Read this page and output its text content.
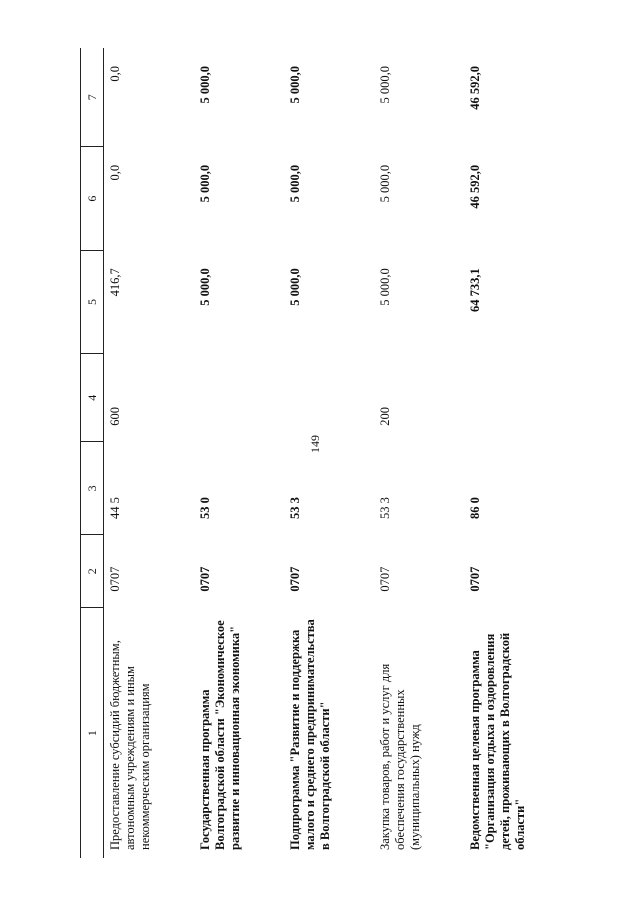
149
1	2	3	4	5	6	7
Предоставление субсидий бюджетным, автономным учреждениям и иным некоммерческим организациям	0707	44 5	600	416,7	0,0	0,0
Государственная программа Волгоградской области "Экономическое развитие и инновационная экономика"	0707	53 0		5 000,0	5 000,0	5 000,0
Подпрограмма "Развитие и поддержка малого и среднего предпринимательства в Волгоградской области"	0707	53 3		5 000,0	5 000,0	5 000,0
Закупка товаров, работ и услуг для обеспечения государственных (муниципальных) нужд	0707	53 3	200	5 000,0	5 000,0	5 000,0
Ведомственная целевая программа "Организация отдыха и оздоровления детей, проживающих в Волгоградской области"	0707	86 0		64 733,1	46 592,0	46 592,0
